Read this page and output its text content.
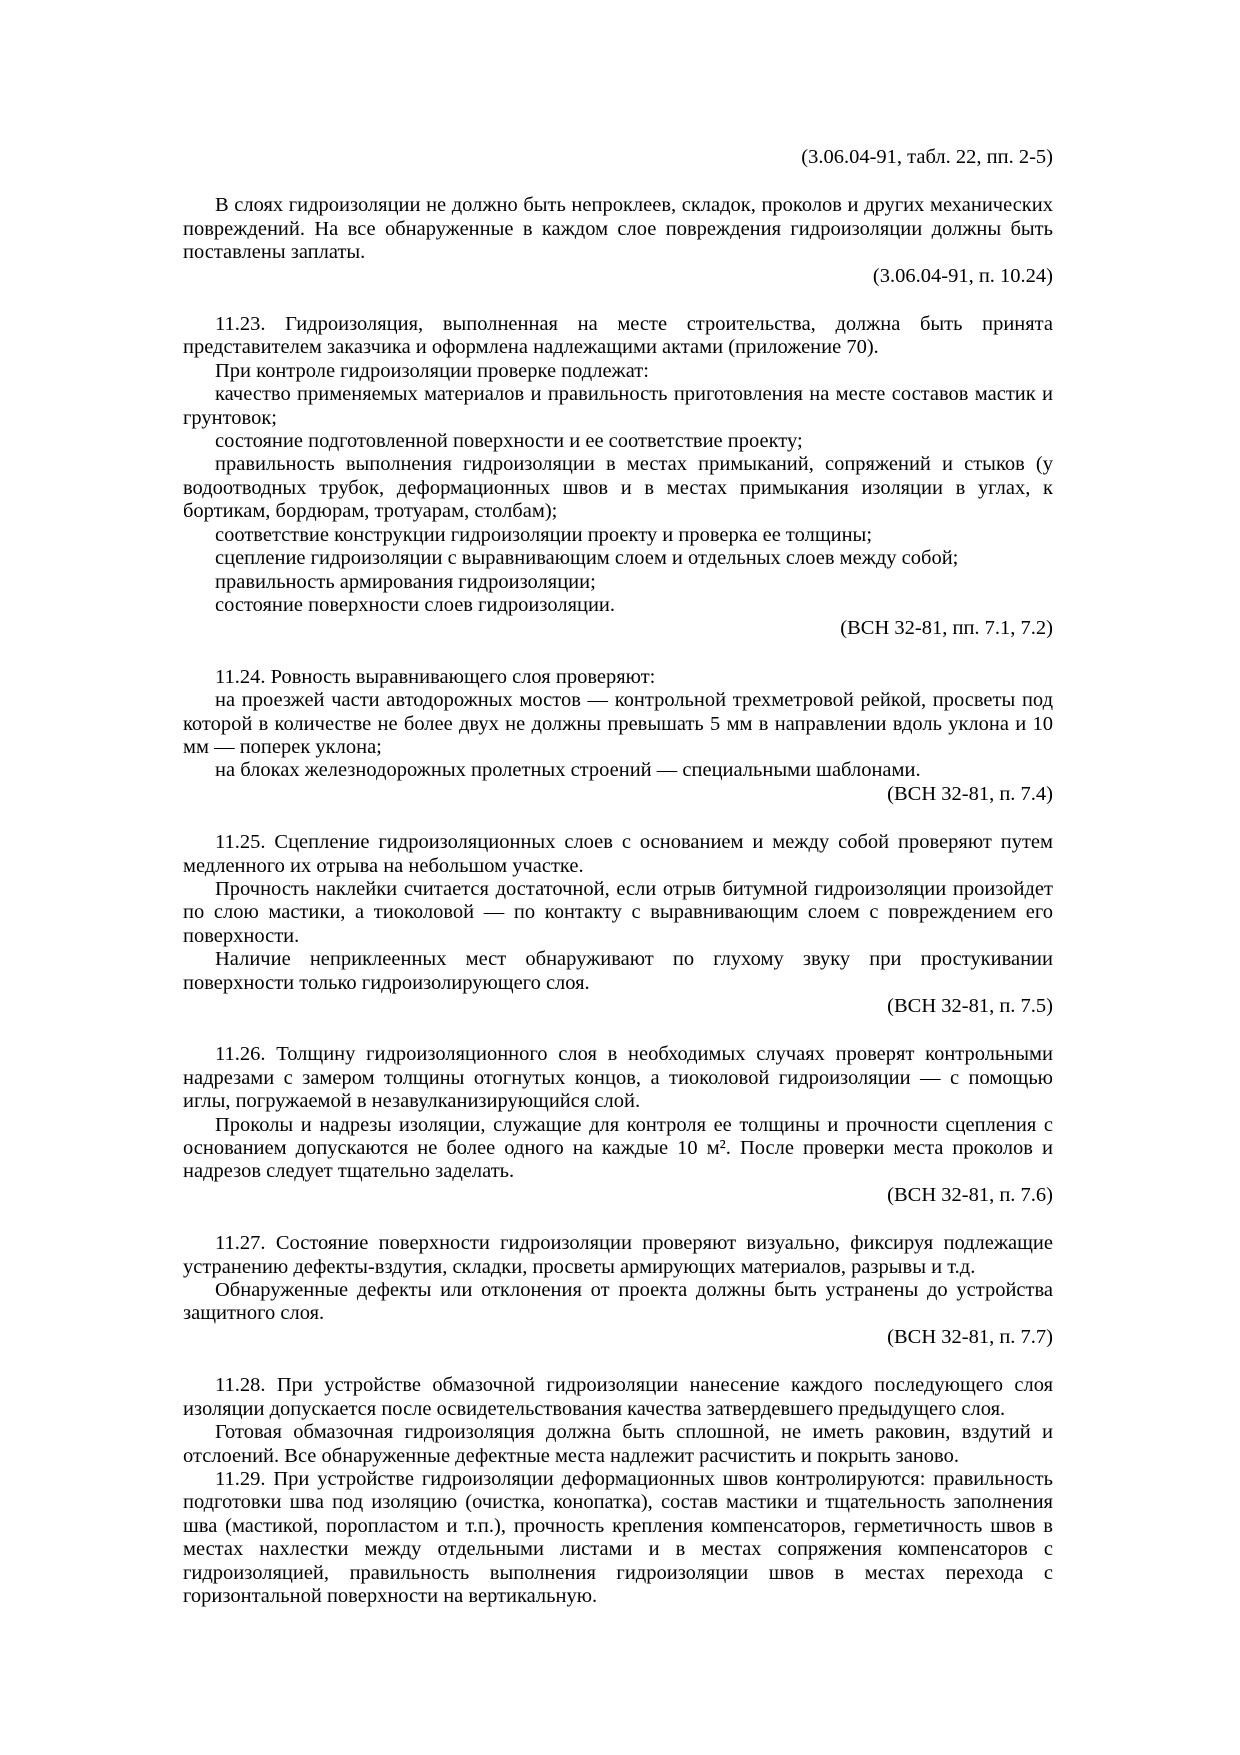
(3.06.04-91, табл. 22, пп. 2-5)

В слоях гидроизоляции не должно быть непроклеев, складок, проколов и других механических повреждений. На все обнаруженные в каждом слое повреждения гидроизоляции должны быть поставлены заплаты.

(3.06.04-91, п. 10.24)

11.23. Гидроизоляция, выполненная на месте строительства, должна быть принята представителем заказчика и оформлена надлежащими актами (приложение 70).

При контроле гидроизоляции проверке подлежат:

качество применяемых материалов и правильность приготовления на месте составов мастик и грунтовок;

состояние подготовленной поверхности и ее соответствие проекту;

правильность выполнения гидроизоляции в местах примыканий, сопряжений и стыков (у водоотводных трубок, деформационных швов и в местах примыкания изоляции в углах, к бортикам, бордюрам, тротуарам, столбам);

соответствие конструкции гидроизоляции проекту и проверка ее толщины;

сцепление гидроизоляции с выравнивающим слоем и отдельных слоев между собой;

правильность армирования гидроизоляции;

состояние поверхности слоев гидроизоляции.

(ВСН 32-81, пп. 7.1, 7.2)

11.24. Ровность выравнивающего слоя проверяют:

на проезжей части автодорожных мостов — контрольной трехметровой рейкой, просветы под которой в количестве не более двух не должны превышать 5 мм в направлении вдоль уклона и 10 мм — поперек уклона;

на блоках железнодорожных пролетных строений — специальными шаблонами.

(ВСН 32-81, п. 7.4)

11.25. Сцепление гидроизоляционных слоев с основанием и между собой проверяют путем медленного их отрыва на небольшом участке.

Прочность наклейки считается достаточной, если отрыв битумной гидроизоляции произойдет по слою мастики, а тиоколовой — по контакту с выравнивающим слоем с повреждением его поверхности.

Наличие неприклеенных мест обнаруживают по глухому звуку при простукивании поверхности только гидроизолирующего слоя.

(ВСН 32-81, п. 7.5)

11.26. Толщину гидроизоляционного слоя в необходимых случаях проверят контрольными надрезами с замером толщины отогнутых концов, а тиоколовой гидроизоляции — с помощью иглы, погружаемой в незавулканизирующийся слой.

Проколы и надрезы изоляции, служащие для контроля ее толщины и прочности сцепления с основанием допускаются не более одного на каждые 10 м². После проверки места проколов и надрезов следует тщательно заделать.

(ВСН 32-81, п. 7.6)

11.27. Состояние поверхности гидроизоляции проверяют визуально, фиксируя подлежащие устранению дефекты-вздутия, складки, просветы армирующих материалов, разрывы и т.д.

Обнаруженные дефекты или отклонения от проекта должны быть устранены до устройства защитного слоя.

(ВСН 32-81, п. 7.7)

11.28. При устройстве обмазочной гидроизоляции нанесение каждого последующего слоя изоляции допускается после освидетельствования качества затвердевшего предыдущего слоя.

Готовая обмазочная гидроизоляция должна быть сплошной, не иметь раковин, вздутий и отслоений. Все обнаруженные дефектные места надлежит расчистить и покрыть заново.

11.29. При устройстве гидроизоляции деформационных швов контролируются: правильность подготовки шва под изоляцию (очистка, конопатка), состав мастики и тщательность заполнения шва (мастикой, поропластом и т.п.), прочность крепления компенсаторов, герметичность швов в местах нахлестки между отдельными листами и в местах сопряжения компенсаторов с гидроизоляцией, правильность выполнения гидроизоляции швов в местах перехода с горизонтальной поверхности на вертикальную.
